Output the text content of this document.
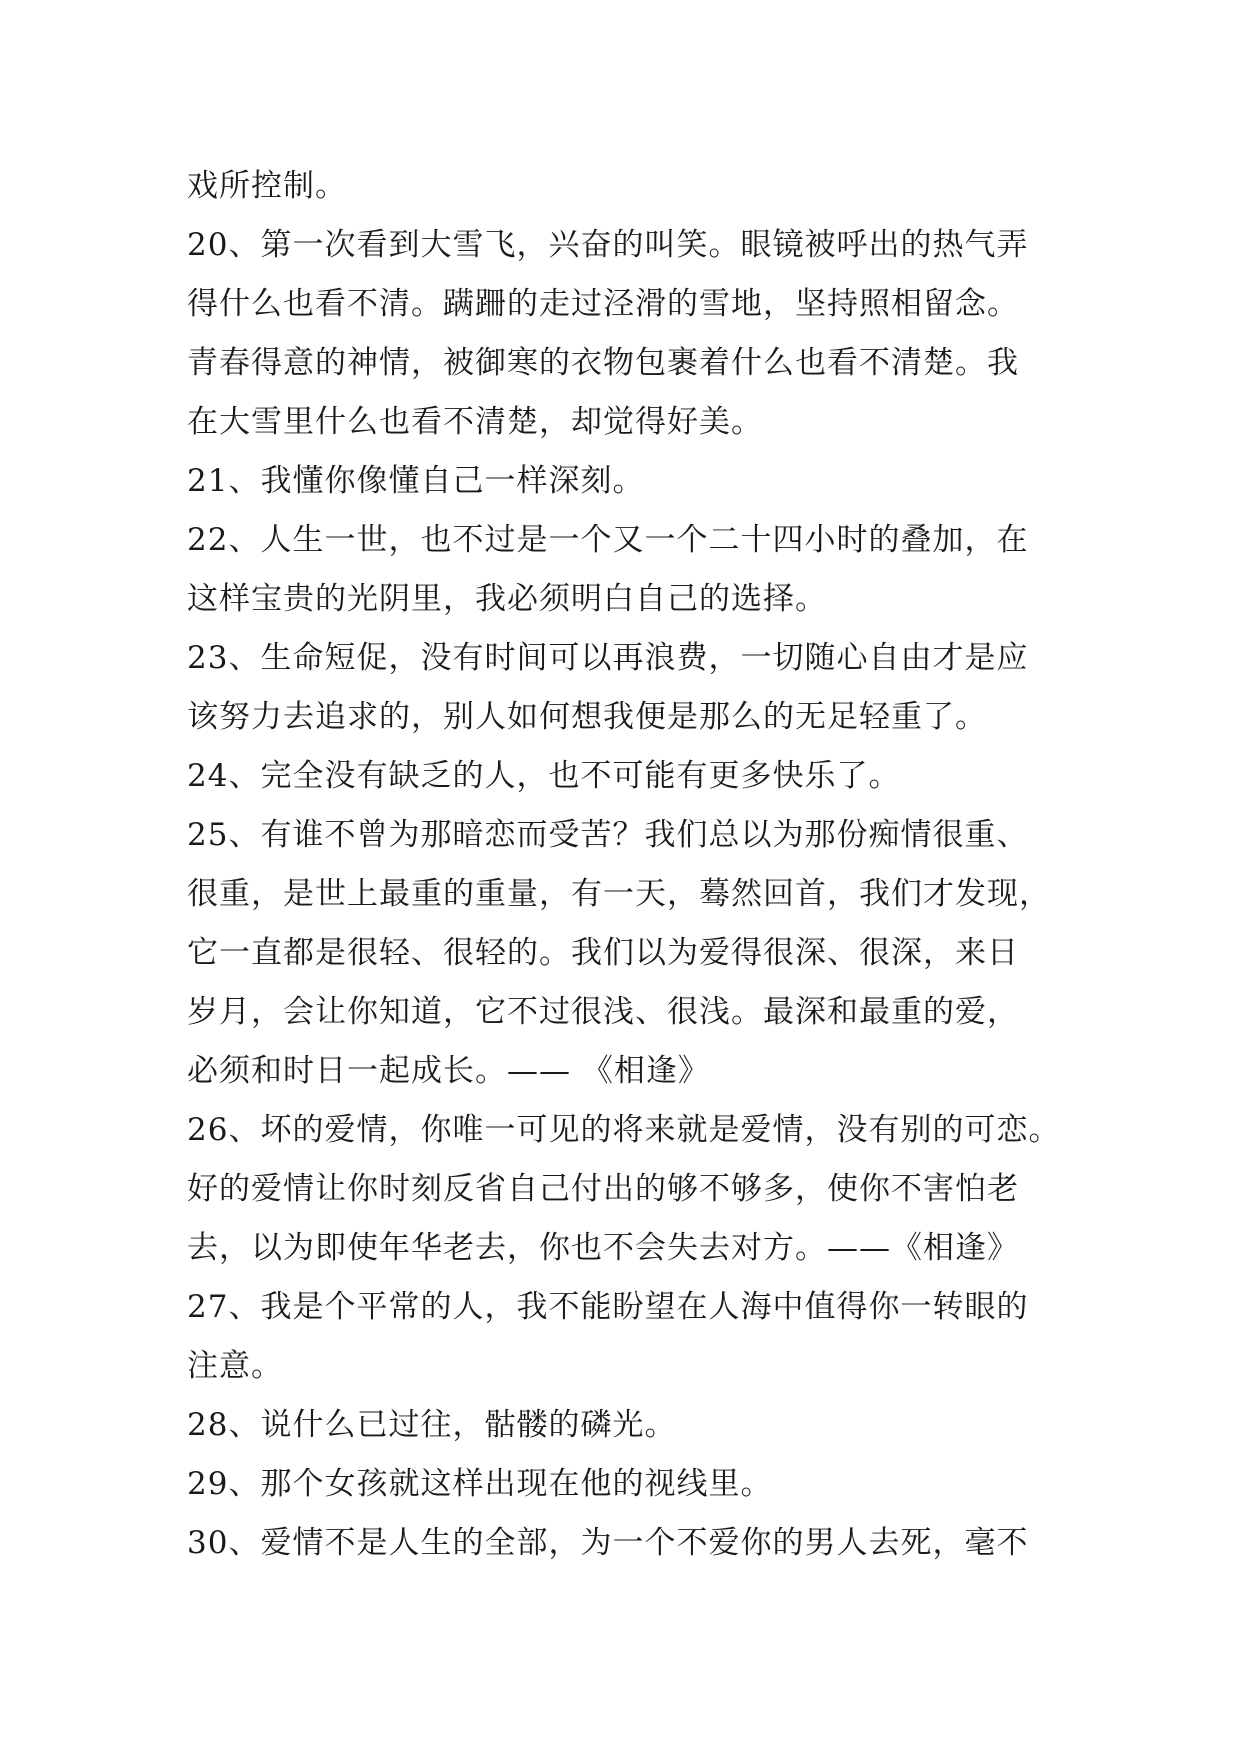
戏所控制。
20、第一次看到大雪飞，兴奋的叫笑。眼镜被呼出的热气弄
得什么也看不清。蹒跚的走过泾滑的雪地，坚持照相留念。
青春得意的神情，被御寒的衣物包裹着什么也看不清楚。我
在大雪里什么也看不清楚，却觉得好美。
21、我懂你像懂自己一样深刻。
22、人生一世，也不过是一个又一个二十四小时的叠加，在
这样宝贵的光阴里，我必须明白自己的选择。
23、生命短促，没有时间可以再浪费，一切随心自由才是应
该努力去追求的，别人如何想我便是那么的无足轻重了。
24、完全没有缺乏的人，也不可能有更多快乐了。
25、有谁不曾为那暗恋而受苦？我们总以为那份痴情很重、
很重，是世上最重的重量，有一天，蓦然回首，我们才发现，
它一直都是很轻、很轻的。我们以为爱得很深、很深，来日
岁月，会让你知道，它不过很浅、很浅。最深和最重的爱，
必须和时日一起成长。—— 《相逢》
26、坏的爱情，你唯一可见的将来就是爱情，没有别的可恋。
好的爱情让你时刻反省自己付出的够不够多，使你不害怕老
去，以为即使年华老去，你也不会失去对方。——《相逢》
27、我是个平常的人，我不能盼望在人海中值得你一转眼的
注意。
28、说什么已过往，骷髅的磷光。
29、那个女孩就这样出现在他的视线里。
30、爱情不是人生的全部，为一个不爱你的男人去死，毫不
